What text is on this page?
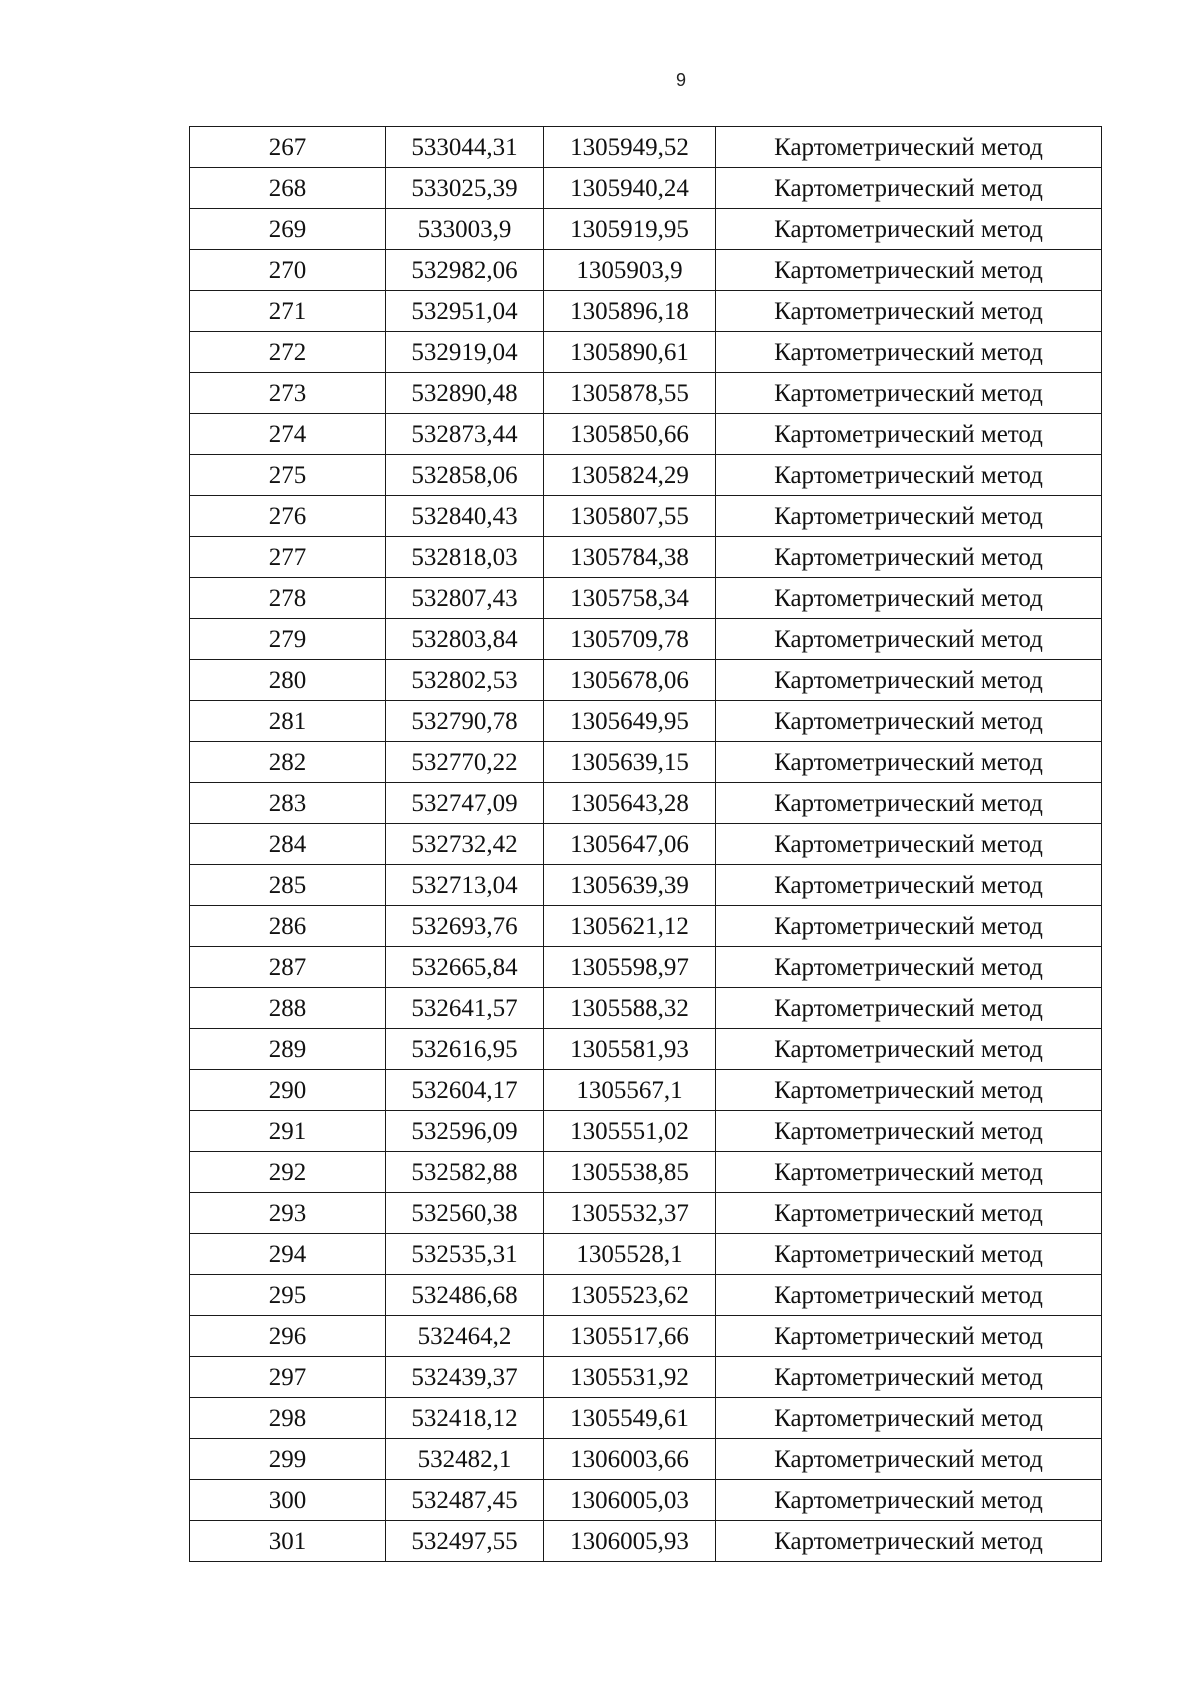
9
267	533044,31	1305949,52	Картометрический метод
268	533025,39	1305940,24	Картометрический метод
269	533003,9	1305919,95	Картометрический метод
270	532982,06	1305903,9	Картометрический метод
271	532951,04	1305896,18	Картометрический метод
272	532919,04	1305890,61	Картометрический метод
273	532890,48	1305878,55	Картометрический метод
274	532873,44	1305850,66	Картометрический метод
275	532858,06	1305824,29	Картометрический метод
276	532840,43	1305807,55	Картометрический метод
277	532818,03	1305784,38	Картометрический метод
278	532807,43	1305758,34	Картометрический метод
279	532803,84	1305709,78	Картометрический метод
280	532802,53	1305678,06	Картометрический метод
281	532790,78	1305649,95	Картометрический метод
282	532770,22	1305639,15	Картометрический метод
283	532747,09	1305643,28	Картометрический метод
284	532732,42	1305647,06	Картометрический метод
285	532713,04	1305639,39	Картометрический метод
286	532693,76	1305621,12	Картометрический метод
287	532665,84	1305598,97	Картометрический метод
288	532641,57	1305588,32	Картометрический метод
289	532616,95	1305581,93	Картометрический метод
290	532604,17	1305567,1	Картометрический метод
291	532596,09	1305551,02	Картометрический метод
292	532582,88	1305538,85	Картометрический метод
293	532560,38	1305532,37	Картометрический метод
294	532535,31	1305528,1	Картометрический метод
295	532486,68	1305523,62	Картометрический метод
296	532464,2	1305517,66	Картометрический метод
297	532439,37	1305531,92	Картометрический метод
298	532418,12	1305549,61	Картометрический метод
299	532482,1	1306003,66	Картометрический метод
300	532487,45	1306005,03	Картометрический метод
301	532497,55	1306005,93	Картометрический метод
